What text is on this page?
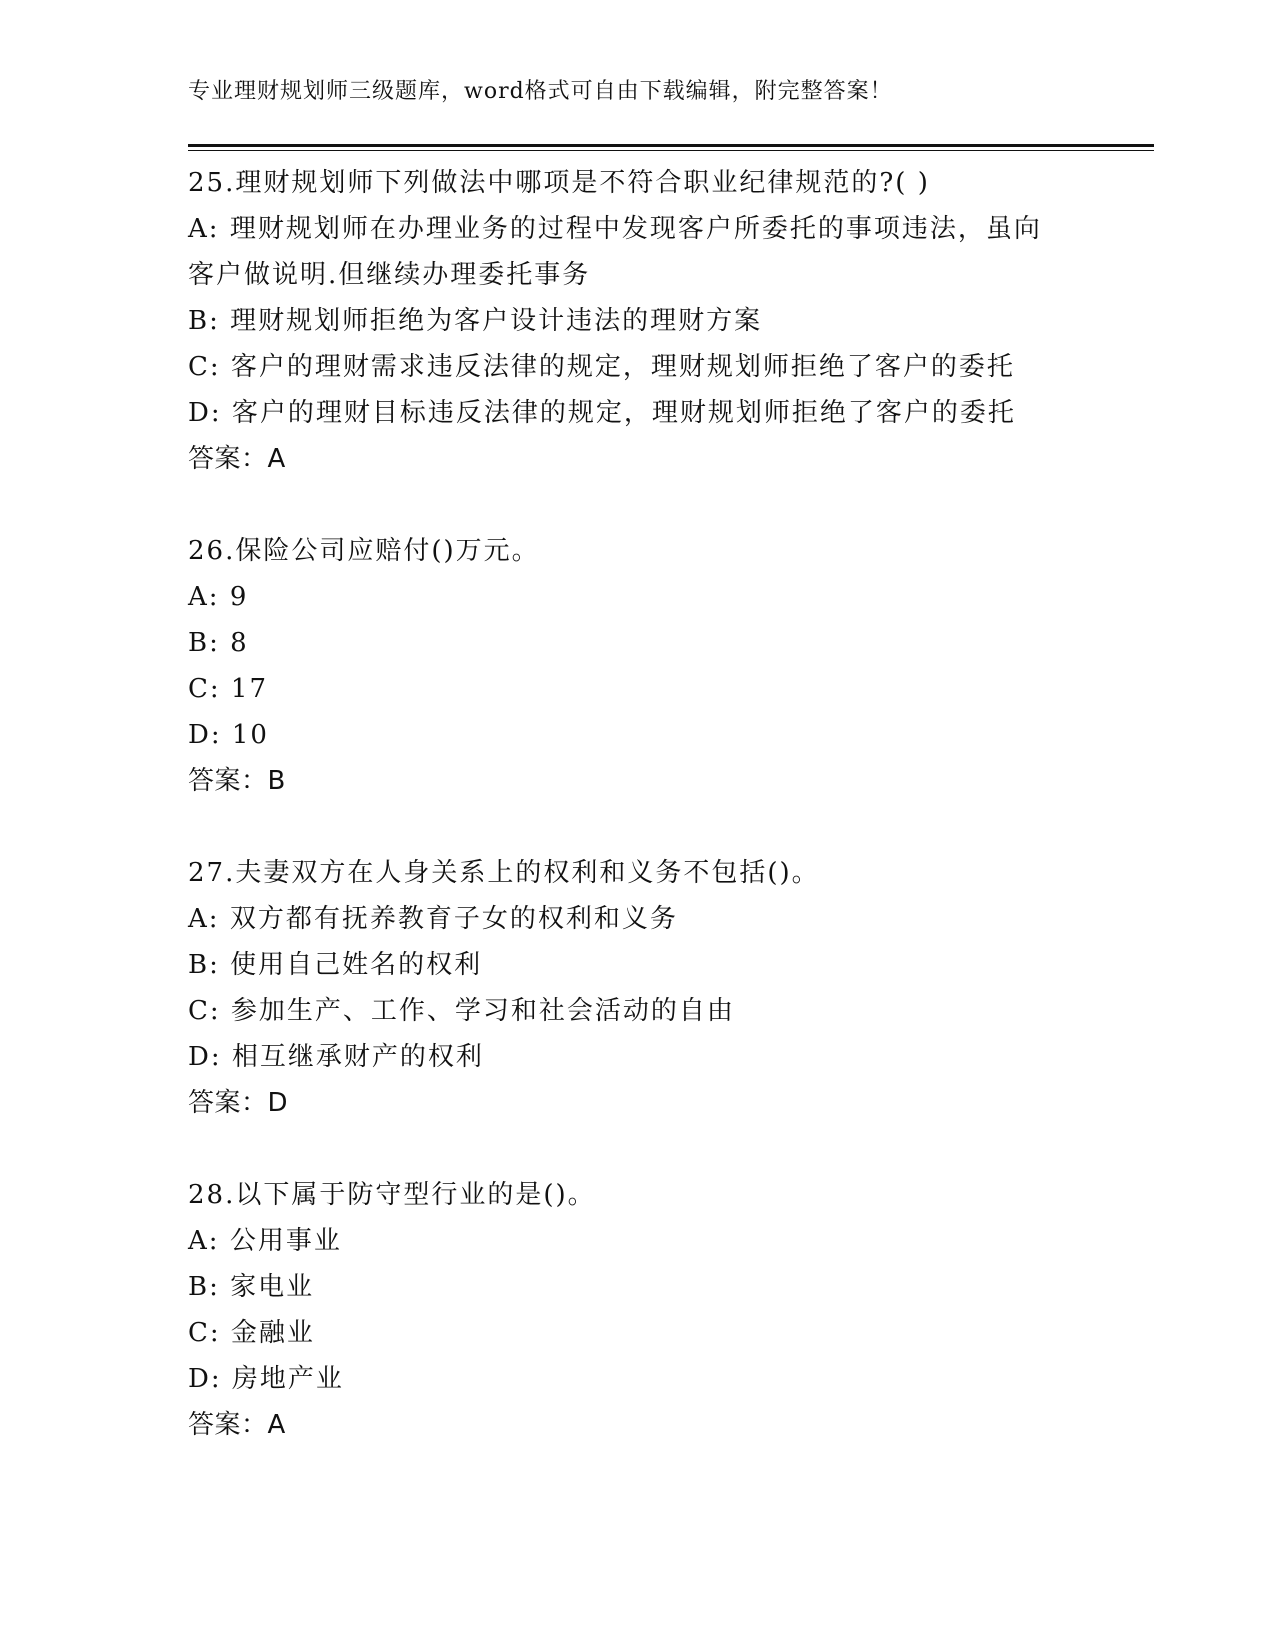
专业理财规划师三级题库，word格式可自由下载编辑，附完整答案！
25.理财规划师下列做法中哪项是不符合职业纪律规范的?( )
A: 理财规划师在办理业务的过程中发现客户所委托的事项违法，虽向
客户做说明.但继续办理委托事务
B: 理财规划师拒绝为客户设计违法的理财方案
C: 客户的理财需求违反法律的规定，理财规划师拒绝了客户的委托
D: 客户的理财目标违反法律的规定，理财规划师拒绝了客户的委托
答案：A
26.保险公司应赔付()万元。
A: 9
B: 8
C: 17
D: 10
答案：B
27.夫妻双方在人身关系上的权利和义务不包括()。
A: 双方都有抚养教育子女的权利和义务
B: 使用自己姓名的权利
C: 参加生产、工作、学习和社会活动的自由
D: 相互继承财产的权利
答案：D
28.以下属于防守型行业的是()。
A: 公用事业
B: 家电业
C: 金融业
D: 房地产业
答案：A
